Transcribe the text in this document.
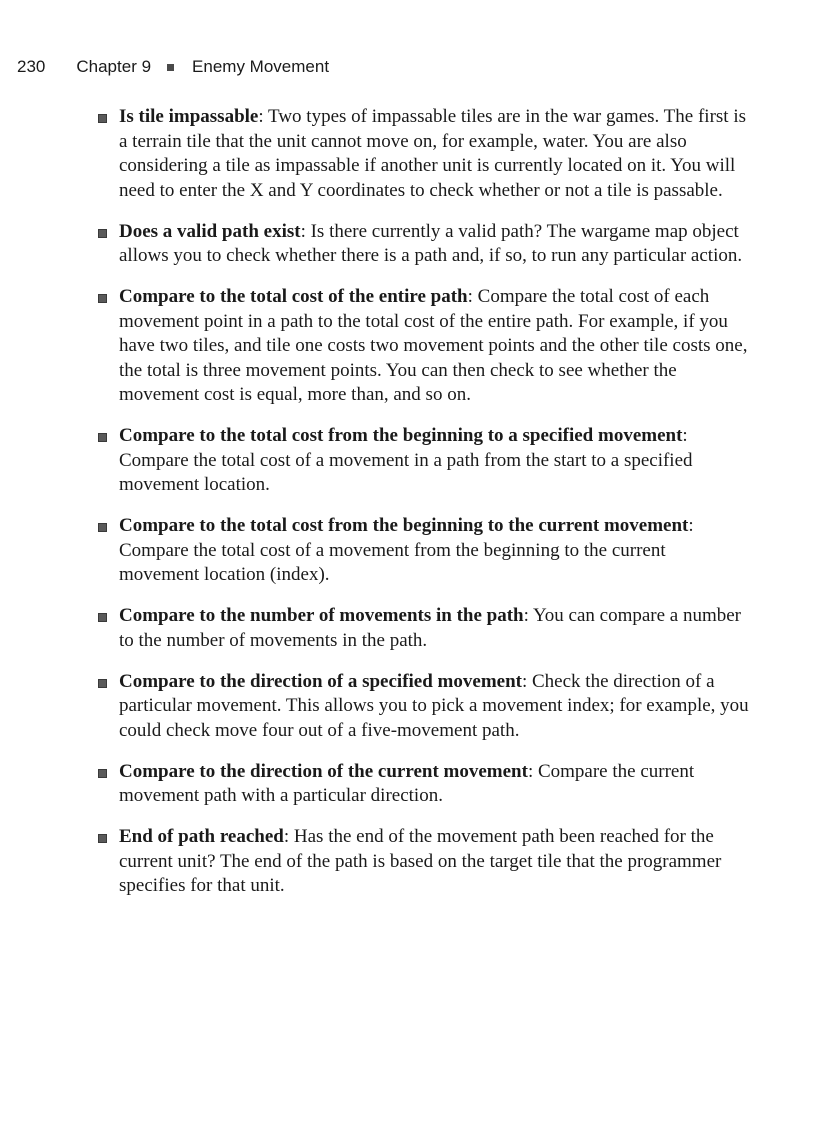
230 Chapter 9 Enemy Movement
Is tile impassable: Two types of impassable tiles are in the war games. The first is a terrain tile that the unit cannot move on, for example, water. You are also considering a tile as impassable if another unit is currently located on it. You will need to enter the X and Y coordinates to check whether or not a tile is passable.
Does a valid path exist: Is there currently a valid path? The wargame map object allows you to check whether there is a path and, if so, to run any particular action.
Compare to the total cost of the entire path: Compare the total cost of each movement point in a path to the total cost of the entire path. For example, if you have two tiles, and tile one costs two movement points and the other tile costs one, the total is three movement points. You can then check to see whether the movement cost is equal, more than, and so on.
Compare to the total cost from the beginning to a specified movement: Compare the total cost of a movement in a path from the start to a specified movement location.
Compare to the total cost from the beginning to the current movement: Compare the total cost of a movement from the beginning to the current movement location (index).
Compare to the number of movements in the path: You can compare a number to the number of movements in the path.
Compare to the direction of a specified movement: Check the direction of a particular movement. This allows you to pick a movement index; for example, you could check move four out of a five-movement path.
Compare to the direction of the current movement: Compare the current movement path with a particular direction.
End of path reached: Has the end of the movement path been reached for the current unit? The end of the path is based on the target tile that the programmer specifies for that unit.
